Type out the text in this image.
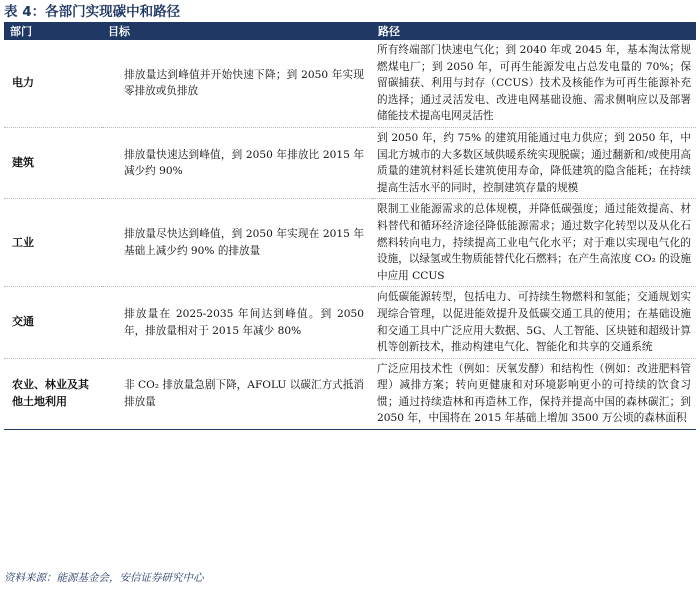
表 4：各部门实现碳中和路径
部门	目标	路径
电力	排放量达到峰值并开始快速下降；到 2050 年实现零排放或负排放	所有终端部门快速电气化；到 2040 年或 2045 年，基本淘汰常规燃煤电厂；到 2050 年，可再生能源发电占总发电量的 70%；保留碳捕获、利用与封存（CCUS）技术及核能作为可再生能源补充的选择；通过灵活发电、改进电网基础设施、需求侧响应以及部署储能技术提高电网灵活性
建筑	排放量快速达到峰值，到 2050 年排放比 2015 年减少约 90%	到 2050 年，约 75% 的建筑用能通过电力供应；到 2050 年，中国北方城市的大多数区域供暖系统实现脱碳；通过翻新和/或使用高质量的建筑材料延长建筑使用寿命，降低建筑的隐含能耗；在持续提高生活水平的同时，控制建筑存量的规模
工业	排放量尽快达到峰值，到 2050 年实现在 2015 年基础上减少约 90% 的排放量	限制工业能源需求的总体规模，并降低碳强度；通过能效提高、材料替代和循环经济途径降低能源需求；通过数字化转型以及从化石燃料转向电力，持续提高工业电气化水平；对于难以实现电气化的设施，以绿氢或生物质能替代化石燃料；在产生高浓度 CO₂ 的设施中应用 CCUS
交通	排放量在 2025-2035 年间达到峰值。到 2050 年，排放量相对于 2015 年减少 80%	向低碳能源转型，包括电力、可持续生物燃料和氢能；交通规划实现综合管理，以促进能效提升及低碳交通工具的使用；在基础设施和交通工具中广泛应用大数据、5G、人工智能、区块链和超级计算机等创新技术，推动构建电气化、智能化和共享的交通系统
农业、林业及其他土地利用	非 CO₂ 排放量急剧下降，AFOLU 以碳汇方式抵消排放量	广泛应用技术性（例如：厌氧发酵）和结构性（例如：改进肥料管理）减排方案；转向更健康和对环境影响更小的可持续的饮食习惯；通过持续造林和再造林工作，保持并提高中国的森林碳汇；到 2050 年，中国将在 2015 年基础上增加 3500 万公顷的森林面积
资料来源：能源基金会，安信证券研究中心
